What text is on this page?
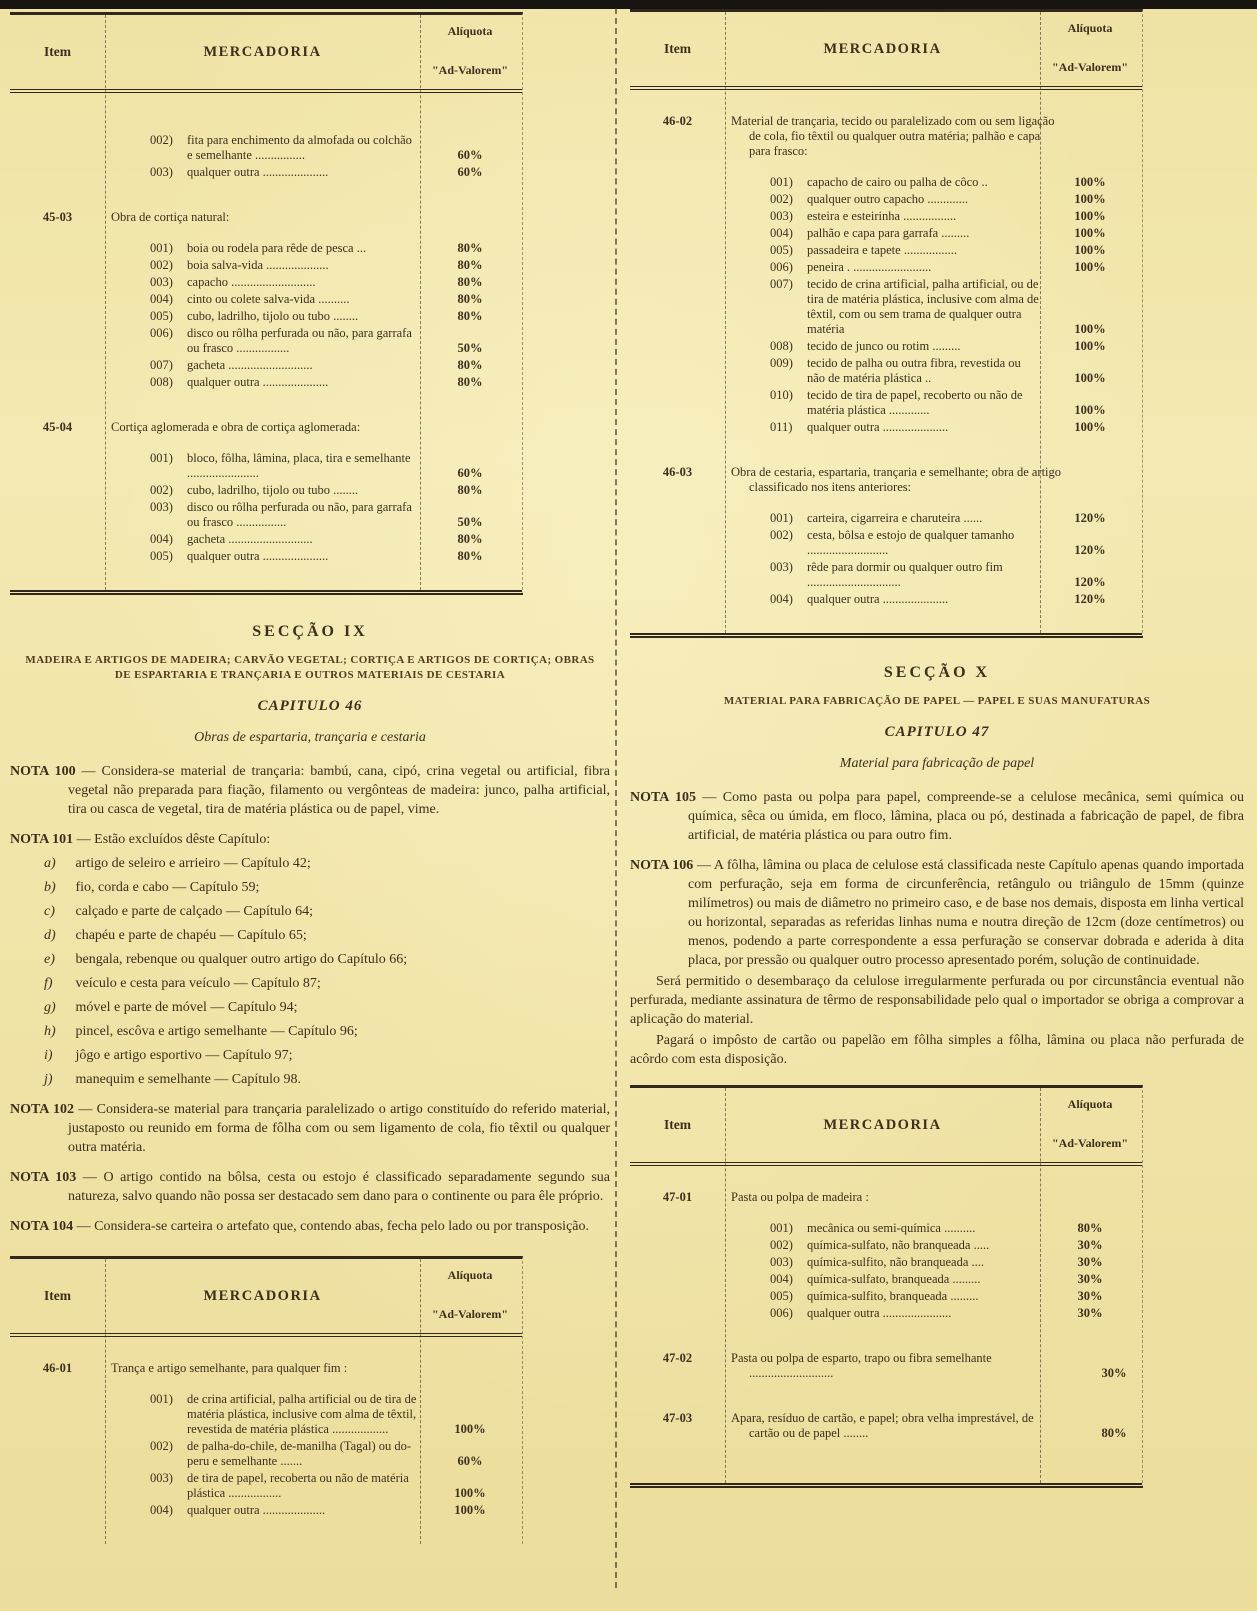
Item	MERCADORIA
Alíquota
"Ad-Valorem"
002)	fita para enchimento da almofada ou colchão e semelhante ................	60%
003)	qualquer outra .....................	60%
45-03	Obra de cortiça natural:
001)	boia ou rodela para rêde de pesca ...	80%
002)	boia salva-vida ....................	80%
003)	capacho ...........................	80%
004)	cinto ou colete salva-vida ..........	80%
005)	cubo, ladrilho, tijolo ou tubo ........	80%
006)	disco ou rôlha perfurada ou não, para garrafa ou frasco .................	50%
007)	gacheta ...........................	80%
008)	qualquer outra .....................	80%
45-04	Cortiça aglomerada e obra de cortiça aglomerada:
001)	bloco, fôlha, lâmina, placa, tira e semelhante .......................	60%
002)	cubo, ladrilho, tijolo ou tubo ........	80%
003)	disco ou rôlha perfurada ou não, para garrafa ou frasco ................	50%
004)	gacheta ...........................	80%
005)	qualquer outra .....................	80%
SECÇÃO IX
MADEIRA E ARTIGOS DE MADEIRA; CARVÃO VEGETAL; CORTIÇA E ARTIGOS DE CORTIÇA; OBRAS DE ESPARTARIA E TRANÇARIA E OUTROS MATERIAIS DE CESTARIA
CAPITULO 46
Obras de espartaria, trançaria e cestaria
NOTA 100 — Considera-se material de trançaria: bambú, cana, cipó, crina vegetal ou artificial, fibra vegetal não preparada para fiação, filamento ou vergônteas de madeira: junco, palha artificial, tira ou casca de vegetal, tira de matéria plástica ou de papel, vime.
NOTA 101 — Estão excluídos dêste Capítulo:
a) artigo de seleiro e arrieiro — Capítulo 42;
b) fio, corda e cabo — Capítulo 59;
c) calçado e parte de calçado — Capítulo 64;
d) chapéu e parte de chapéu — Capítulo 65;
e) bengala, rebenque ou qualquer outro artigo do Capítulo 66;
f) veículo e cesta para veículo — Capítulo 87;
g) móvel e parte de móvel — Capítulo 94;
h) pincel, escôva e artigo semelhante — Capítulo 96;
i) jôgo e artigo esportivo — Capítulo 97;
j) manequim e semelhante — Capítulo 98.
NOTA 102 — Considera-se material para trançaria paralelizado o artigo constituído do referido material, justaposto ou reunido em forma de fôlha com ou sem ligamento de cola, fio têxtil ou qualquer outra matéria.
NOTA 103 — O artigo contido na bôlsa, cesta ou estojo é classificado separadamente segundo sua natureza, salvo quando não possa ser destacado sem dano para o continente ou para êle próprio.
NOTA 104 — Considera-se carteira o artefato que, contendo abas, fecha pelo lado ou por transposição.
Item	MERCADORIA
Alíquota
"Ad-Valorem"
46-01	Trança e artigo semelhante, para qualquer fim :
001)	de crina artificial, palha artificial ou de tira de matéria plástica, inclusive com alma de têxtil, revestida de matéria plástica ..................	100%
002)	de palha-do-chile, de-manilha (Tagal) ou do-peru e semelhante .......	60%
003)	de tira de papel, recoberta ou não de matéria plástica .................	100%
004)	qualquer outra ....................	100%
Item	MERCADORIA
Alíquota
"Ad-Valorem"
46-02	Material de trançaria, tecido ou paralelizado com ou sem ligação de cola, fio têxtil ou qualquer outra matéria; palhão e capa para frasco:
001)	capacho de cairo ou palha de côco ..	100%
002)	qualquer outro capacho .............	100%
003)	esteira e esteirinha .................	100%
004)	palhão e capa para garrafa .........	100%
005)	passadeira e tapete .................	100%
006)	peneira . .........................	100%
007)	tecido de crina artificial, palha artificial, ou de tira de matéria plástica, inclusive com alma de têxtil, com ou sem trama de qualquer outra matéria	100%
008)	tecido de junco ou rotim .........	100%
009)	tecido de palha ou outra fibra, revestida ou não de matéria plástica ..	100%
010)	tecido de tira de papel, recoberto ou não de matéria plástica .............	100%
011)	qualquer outra .....................	100%
46-03	Obra de cestaria, espartaria, trançaria e semelhante; obra de artigo classificado nos itens anteriores:
001)	carteira, cigarreira e charuteira ......	120%
002)	cesta, bôlsa e estojo de qualquer tamanho ..........................	120%
003)	rêde para dormir ou qualquer outro fim ..............................	120%
004)	qualquer outra .....................	120%
SECÇÃO X
MATERIAL PARA FABRICAÇÃO DE PAPEL — PAPEL E SUAS MANUFATURAS
CAPITULO 47
Material para fabricação de papel
NOTA 105 — Como pasta ou polpa para papel, compreende-se a celulose mecânica, semi química ou química, sêca ou úmida, em floco, lâmina, placa ou pó, destinada a fabricação de papel, de fibra artificial, de matéria plástica ou para outro fim.
NOTA 106 — A fôlha, lâmina ou placa de celulose está classificada neste Capítulo apenas quando importada com perfuração, seja em forma de circunferência, retângulo ou triângulo de 15mm (quinze milímetros) ou mais de diâmetro no primeiro caso, e de base nos demais, disposta em linha vertical ou horizontal, separadas as referidas linhas numa e noutra direção de 12cm (doze centímetros) ou menos, podendo a parte correspondente a essa perfuração se conservar dobrada e aderida à dita placa, por pressão ou qualquer outro processo apresentado porém, solução de continuidade.
Será permitido o desembaraço da celulose irregularmente perfurada ou por circunstância eventual não perfurada, mediante assinatura de têrmo de responsabilidade pelo qual o importador se obriga a comprovar a aplicação do material.
Pagará o impôsto de cartão ou papelão em fôlha simples a fôlha, lâmina ou placa não perfurada de acôrdo com esta disposição.
Item	MERCADORIA
Alíquota
"Ad-Valorem"
47-01	Pasta ou polpa de madeira :
001)	mecânica ou semi-química ..........	80%
002)	química-sulfato, não branqueada .....	30%
003)	química-sulfito, não branqueada ....	30%
004)	química-sulfato, branqueada .........	30%
005)	química-sulfito, branqueada .........	30%
006)	qualquer outra ......................	30%
47-02	Pasta ou polpa de esparto, trapo ou fibra semelhante ...........................	30%
47-03	Apara, resíduo de cartão, e papel; obra velha imprestável, de cartão ou de papel ........	80%
